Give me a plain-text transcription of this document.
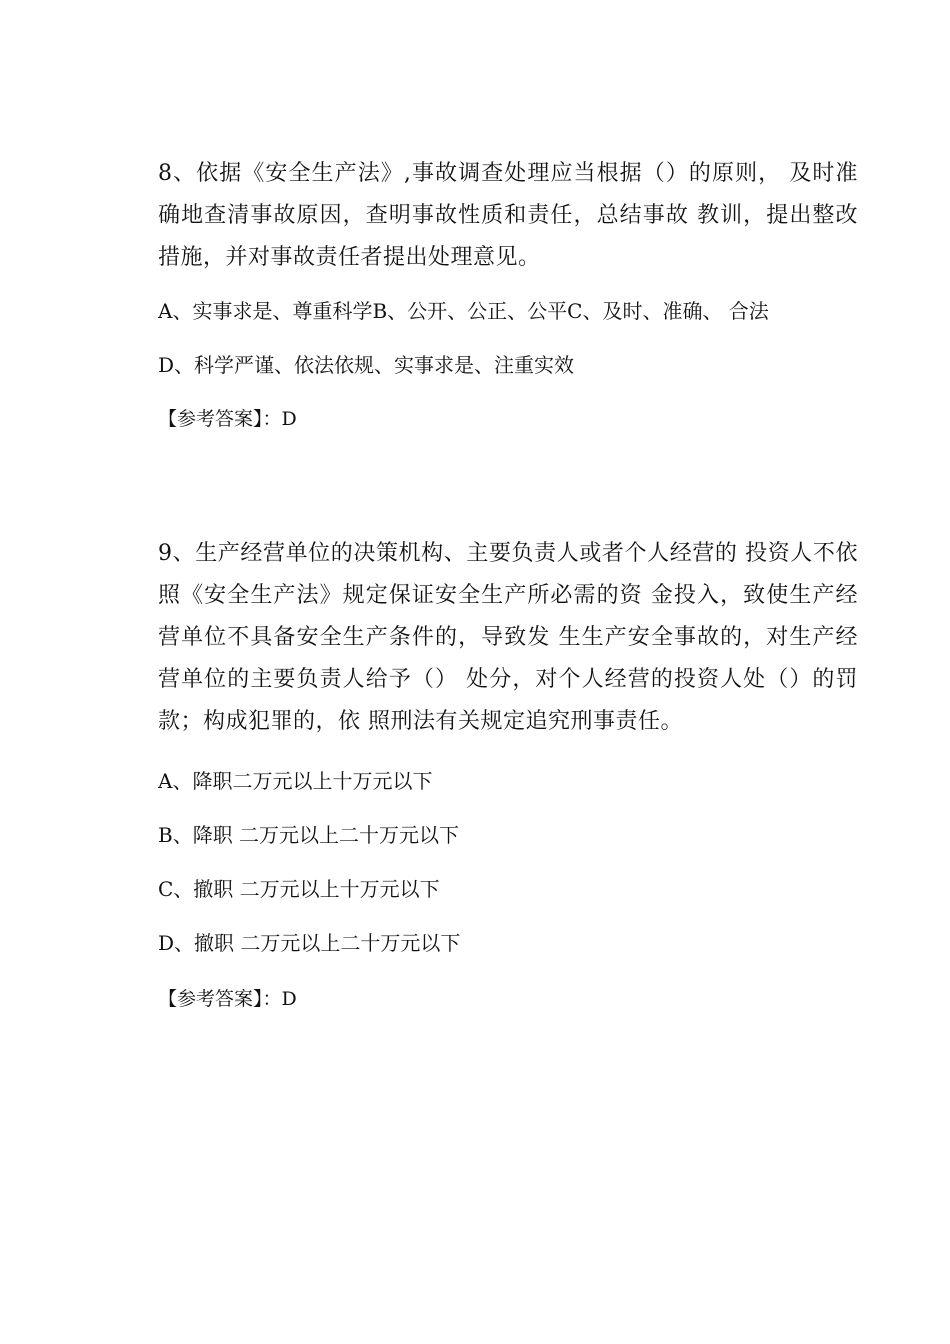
8、依据《安全生产法》,事故调查处理应当根据（）的原则， 及时准确地查清事故原因，查明事故性质和责任，总结事故 教训，提出整改措施，并对事故责任者提出处理意见。

A、实事求是、尊重科学B、公开、公正、公平C、及时、准确、 合法

D、科学严谨、依法依规、实事求是、注重实效

【参考答案】：D

9、生产经营单位的决策机构、主要负责人或者个人经营的 投资人不依照《安全生产法》规定保证安全生产所必需的资 金投入，致使生产经营单位不具备安全生产条件的，导致发 生生产安全事故的，对生产经营单位的主要负责人给予（） 处分，对个人经营的投资人处（）的罚款；构成犯罪的，依 照刑法有关规定追究刑事责任。

A、降职二万元以上十万元以下

B、降职 二万元以上二十万元以下

C、撤职 二万元以上十万元以下

D、撤职 二万元以上二十万元以下

【参考答案】：D
